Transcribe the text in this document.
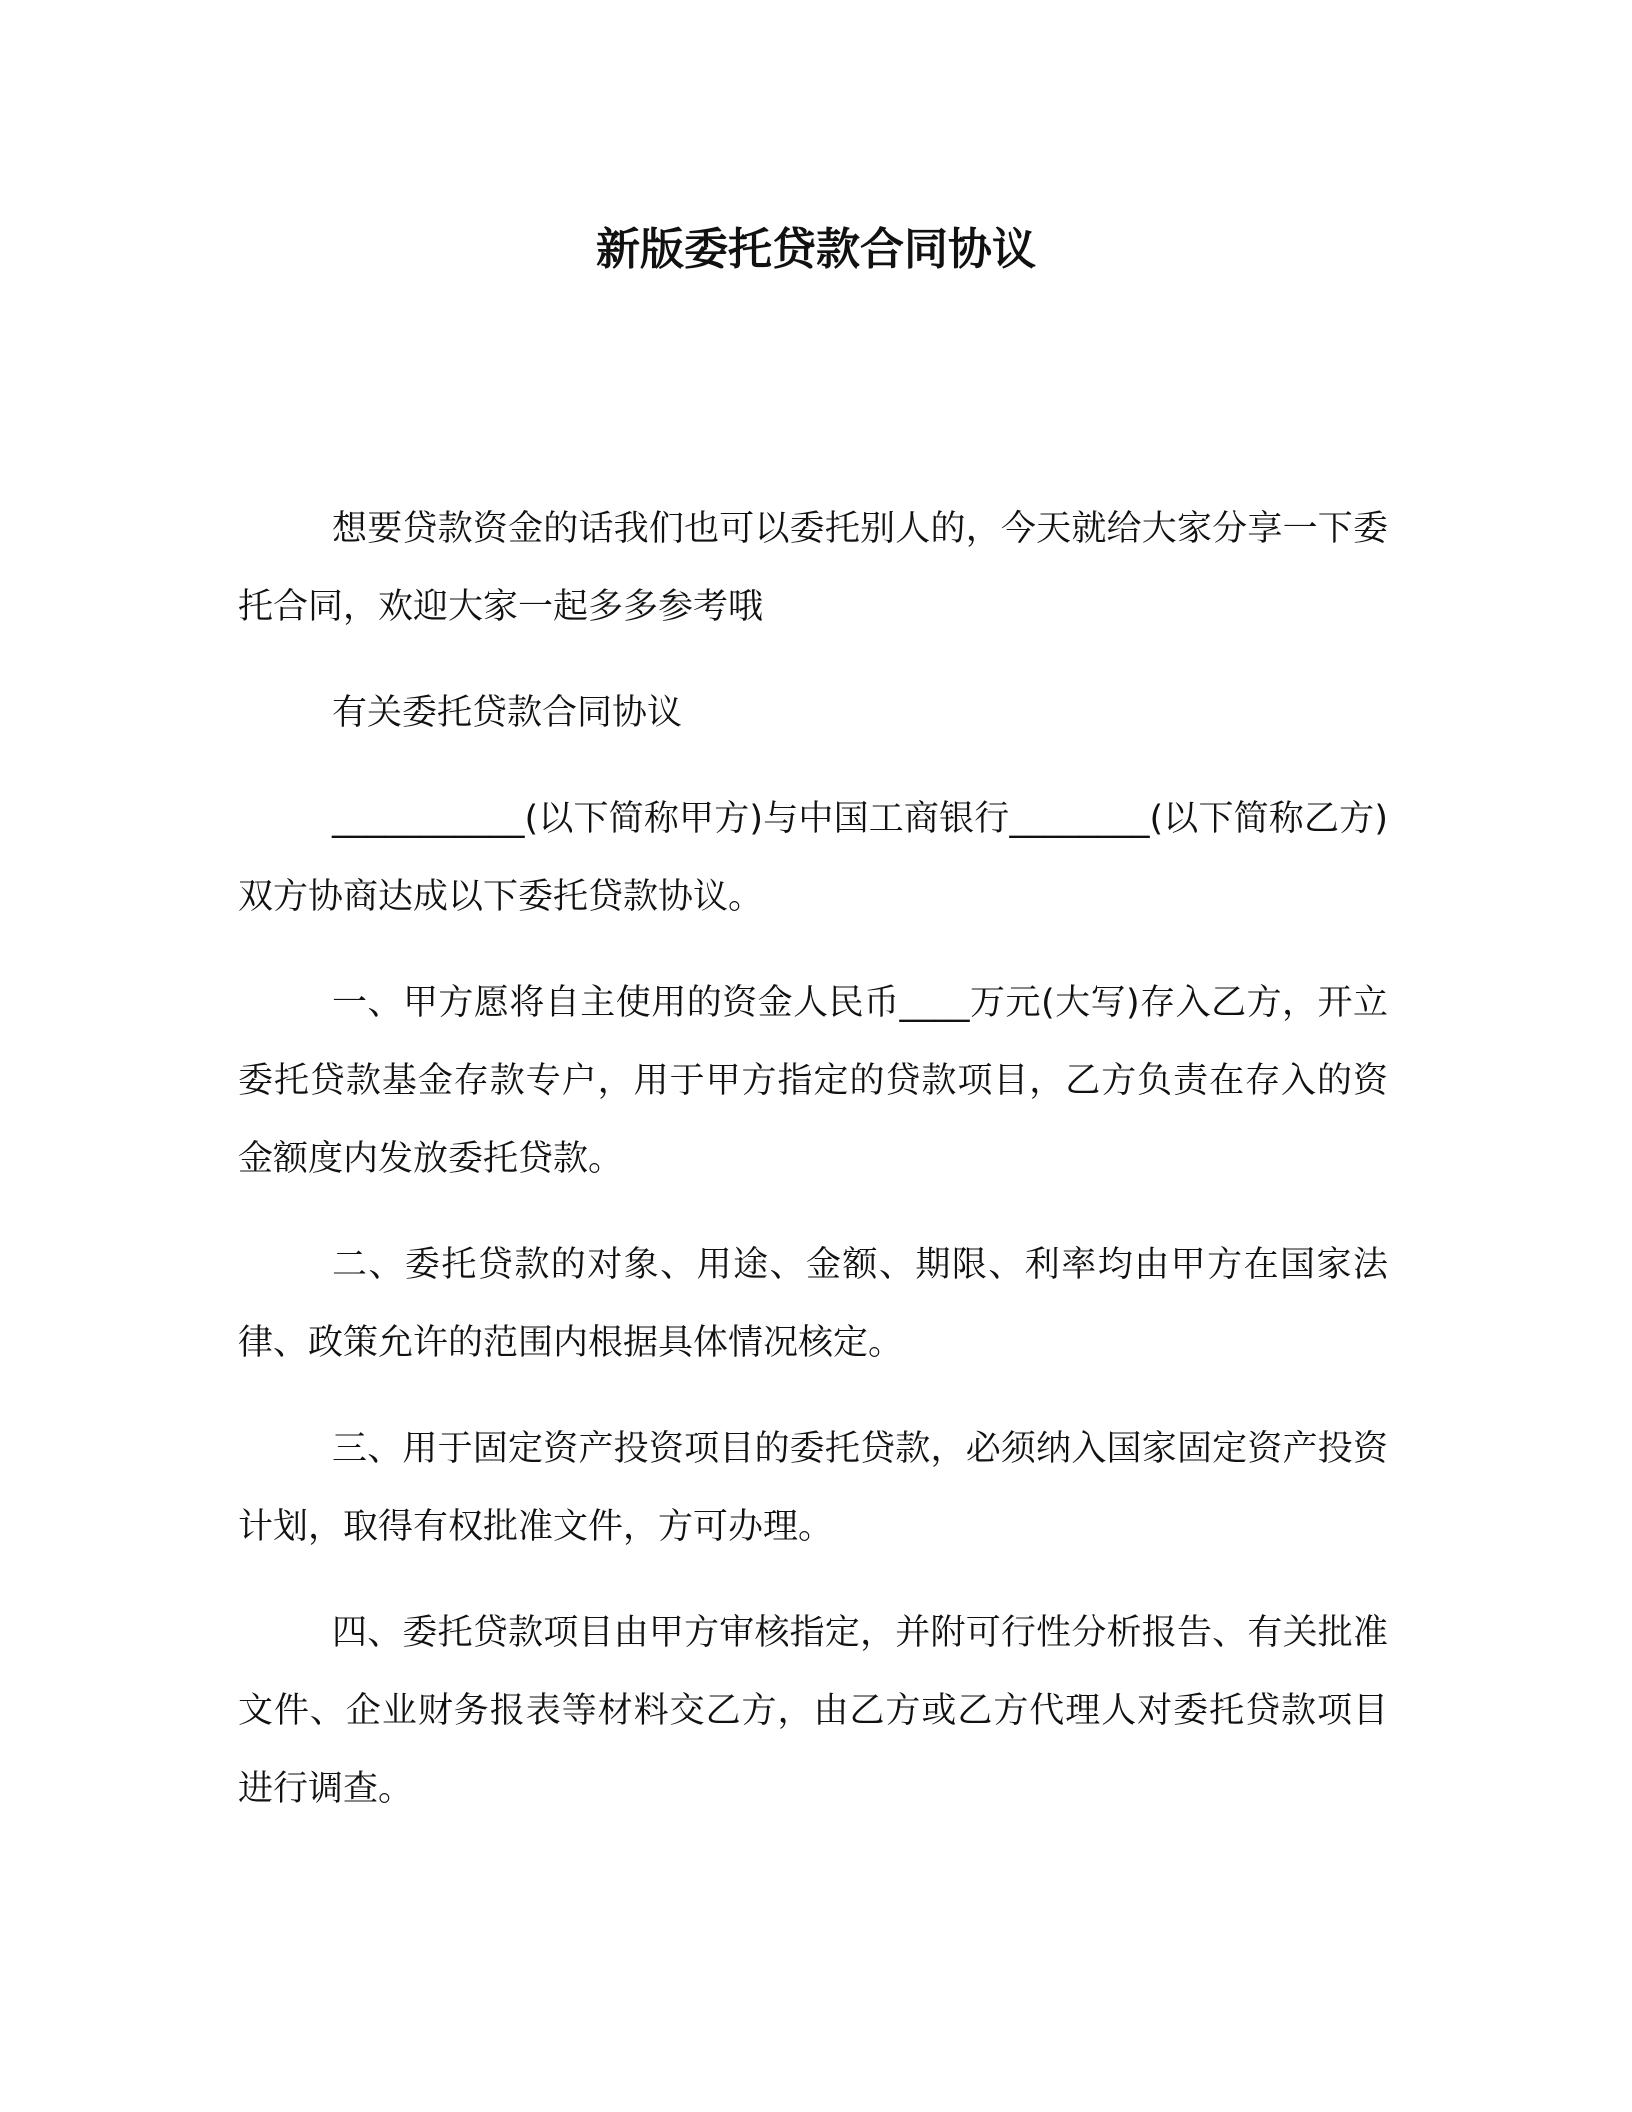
新版委托贷款合同协议

想要贷款资金的话我们也可以委托别人的，今天就给大家分享一下委托合同，欢迎大家一起多多参考哦

有关委托贷款合同协议

___________(以下简称甲方)与中国工商银行________(以下简称乙方)双方协商达成以下委托贷款协议。

一、甲方愿将自主使用的资金人民币____万元(大写)存入乙方，开立委托贷款基金存款专户，用于甲方指定的贷款项目，乙方负责在存入的资金额度内发放委托贷款。

二、委托贷款的对象、用途、金额、期限、利率均由甲方在国家法律、政策允许的范围内根据具体情况核定。

三、用于固定资产投资项目的委托贷款，必须纳入国家固定资产投资计划，取得有权批准文件，方可办理。

四、委托贷款项目由甲方审核指定，并附可行性分析报告、有关批准文件、企业财务报表等材料交乙方，由乙方或乙方代理人对委托贷款项目进行调查。
